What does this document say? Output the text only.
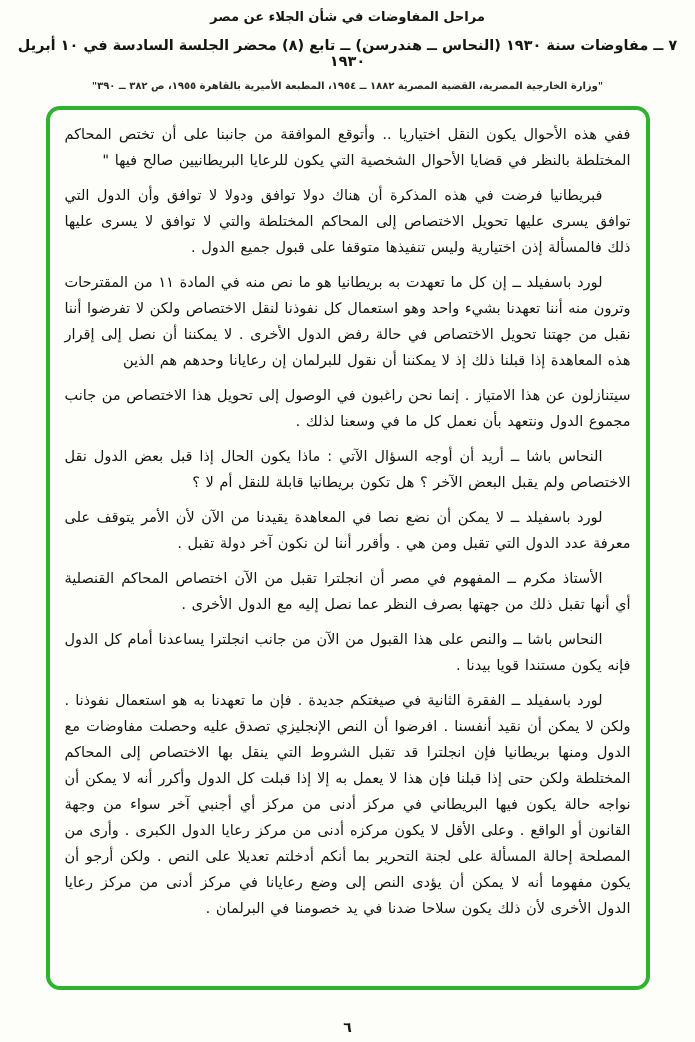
مراحل المفاوضات في شأن الجلاء عن مصر
٧ ــ مفاوضات سنة ١٩٣٠ (النحاس ــ هندرسن) ــ تابع (٨) محضر الجلسة السادسة في ١٠ أبريل ١٩٣٠
"وزارة الخارجية المصرية، القضية المصرية ١٨٨٢ ــ ١٩٥٤، المطبعة الأميرية بالقاهرة ١٩٥٥، ص ٣٨٢ ــ ٣٩٠"

ففي هذه الأحوال يكون النقل اختياريا .. وأتوقع الموافقة من جانبنا على أن تختص المحاكم المختلطة بالنظر في قضايا الأحوال الشخصية التي يكون للرعايا البريطانيين صالح فيها "

فبريطانيا فرضت في هذه المذكرة أن هناك دولا توافق ودولا لا توافق وأن الدول التي توافق يسرى عليها تحويل الاختصاص إلى المحاكم المختلطة والتي لا توافق لا يسرى عليها ذلك فالمسألة إذن اختيارية وليس تنفيذها متوقفا على قبول جميع الدول .

لورد باسفيلد ــ إن كل ما تعهدت به بريطانيا هو ما نص منه في المادة ١١ من المقترحات وترون منه أننا تعهدنا بشيء واحد وهو استعمال كل نفوذنا لنقل الاختصاص ولكن لا تفرضوا أننا نقبل من جهتنا تحويل الاختصاص في حالة رفض الدول الأخرى . لا يمكننا أن نصل إلى إقرار هذه المعاهدة إذا قبلنا ذلك إذ لا يمكننا أن نقول للبرلمان إن رعايانا وحدهم هم الذين

سيتنازلون عن هذا الامتياز . إنما نحن راغبون في الوصول إلى تحويل هذا الاختصاص من جانب مجموع الدول ونتعهد بأن نعمل كل ما في وسعنا لذلك .

النحاس باشا ــ أريد أن أوجه السؤال الآتي : ماذا يكون الحال إذا قبل بعض الدول نقل الاختصاص ولم يقبل البعض الآخر ؟ هل تكون بريطانيا قابلة للنقل أم لا ؟

لورد باسفيلد ــ لا يمكن أن نضع نصا في المعاهدة يقيدنا من الآن لأن الأمر يتوقف على معرفة عدد الدول التي تقبل ومن هي . وأقرر أننا لن نكون آخر دولة تقبل .

الأستاذ مكرم ــ المفهوم في مصر أن انجلترا تقبل من الآن اختصاص المحاكم القنصلية أي أنها تقبل ذلك من جهتها بصرف النظر عما نصل إليه مع الدول الأخرى .

النحاس باشا ــ والنص على هذا القبول من الآن من جانب انجلترا يساعدنا أمام كل الدول فإنه يكون مستندا قويا بيدنا .

لورد باسفيلد ــ الفقرة الثانية في صيغتكم جديدة . فإن ما تعهدنا به هو استعمال نفوذنا . ولكن لا يمكن أن نقيد أنفسنا . افرضوا أن النص الإنجليزي تصدق عليه وحصلت مفاوضات مع الدول ومنها بريطانيا فإن انجلترا قد تقبل الشروط التي ينقل بها الاختصاص إلى المحاكم المختلطة ولكن حتى إذا قبلنا فإن هذا لا يعمل به إلا إذا قبلت كل الدول وأكرر أنه لا يمكن أن نواجه حالة يكون فيها البريطاني في مركز أدنى من مركز أي أجنبي آخر سواء من وجهة القانون أو الواقع . وعلى الأقل لا يكون مركزه أدنى من مركز رعايا الدول الكبرى . وأرى من المصلحة إحالة المسألة على لجنة التحرير بما أنكم أدخلتم تعديلا على النص . ولكن أرجو أن يكون مفهوما أنه لا يمكن أن يؤدى النص إلى وضع رعايانا في مركز أدنى من مركز رعايا الدول الأخرى لأن ذلك يكون سلاحا ضدنا في يد خصومنا في البرلمان .

٦
